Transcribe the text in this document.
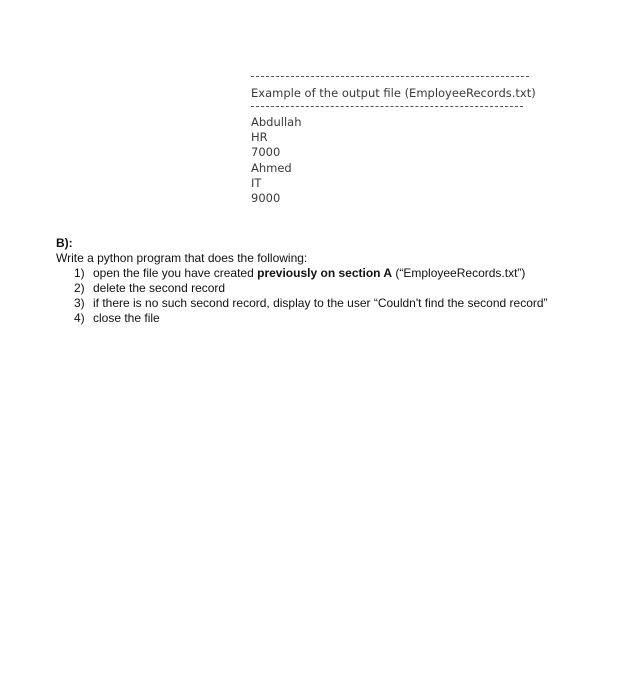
Example of the output file (EmployeeRecords.txt)

Abdullah
HR
7000
Ahmed
IT
9000

B):

Write a python program that does the following:

1) open the file you have created previously on section A (“EmployeeRecords.txt”)
2) delete the second record
3) if there is no such second record, display to the user “Couldn't find the second record”
4) close the file
